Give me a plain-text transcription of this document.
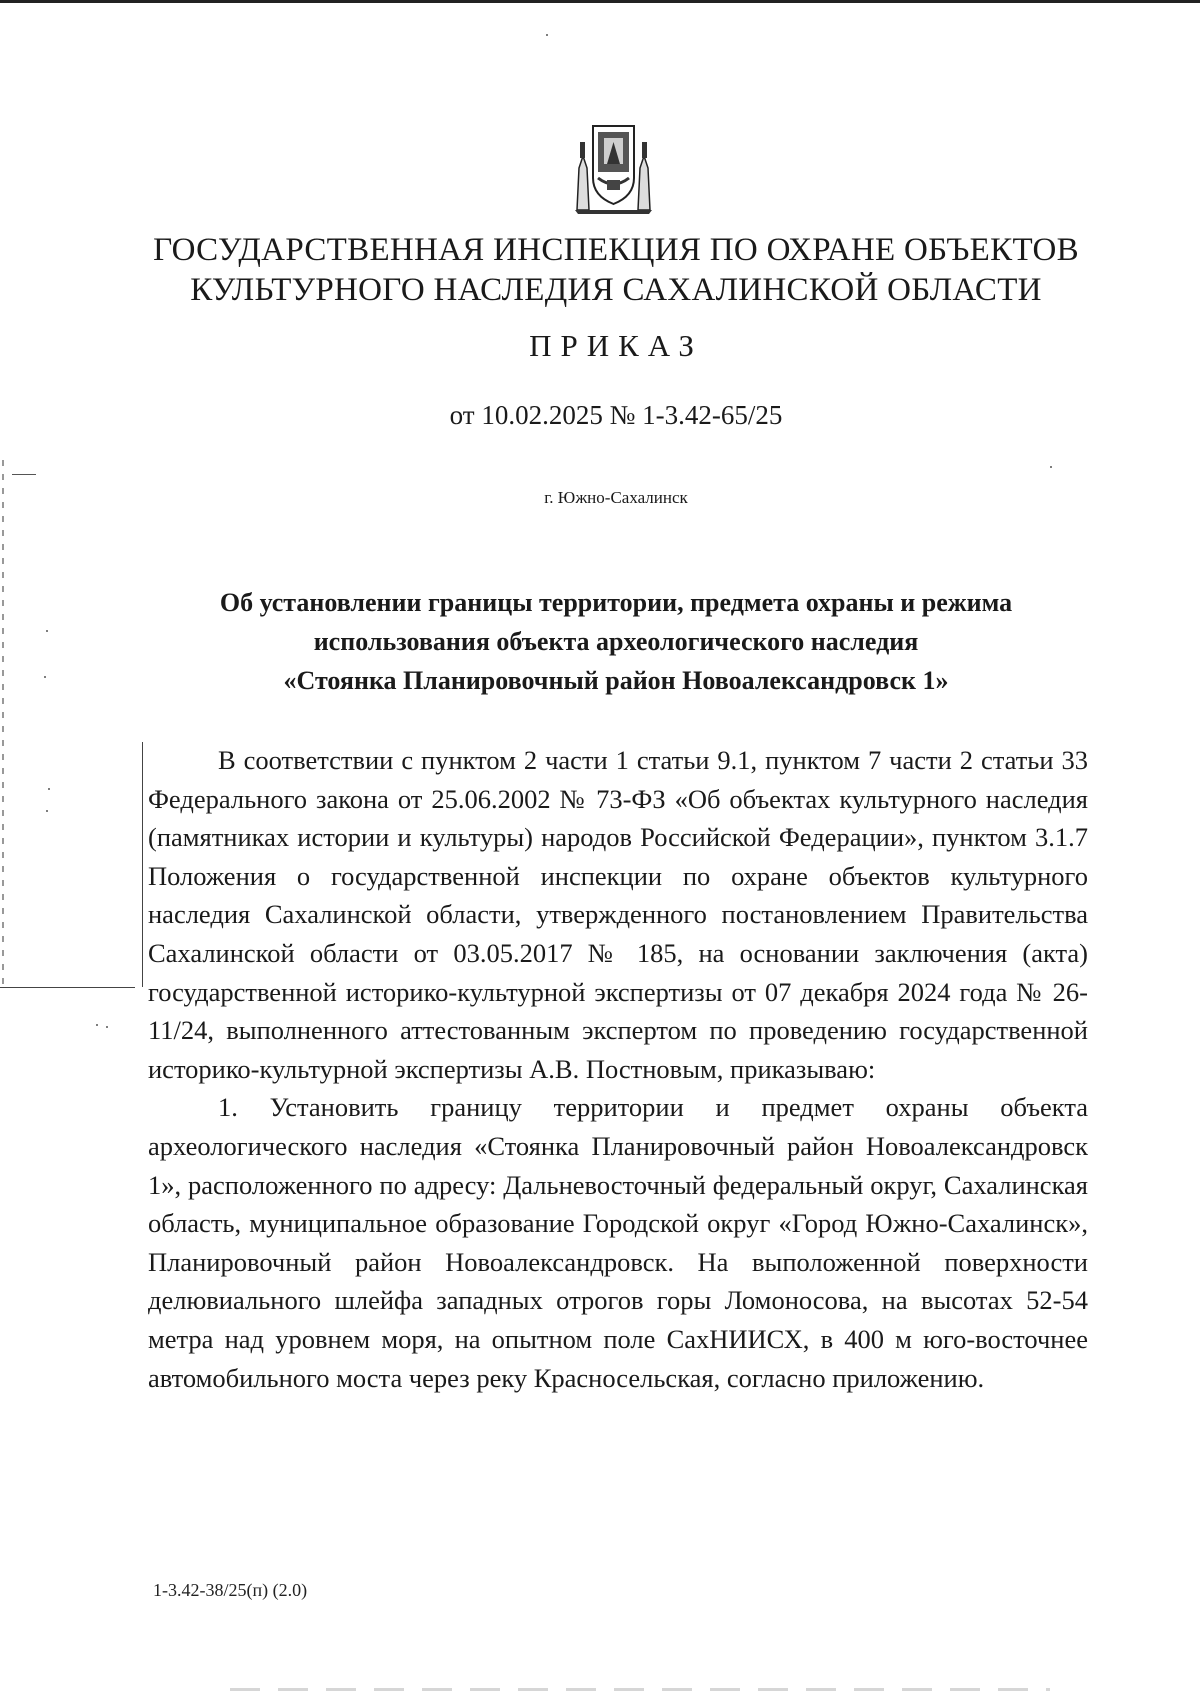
ГОСУДАРСТВЕННАЯ ИНСПЕКЦИЯ ПО ОХРАНЕ ОБЪЕКТОВ
КУЛЬТУРНОГО НАСЛЕДИЯ САХАЛИНСКОЙ ОБЛАСТИ
ПРИКАЗ
от 10.02.2025 № 1-3.42-65/25
г. Южно-Сахалинск
Об установлении границы территории, предмета охраны и режима
использования объекта археологического наследия
«Стоянка Планировочный район Новоалександровск 1»

В соответствии с пунктом 2 части 1 статьи 9.1, пунктом 7 части 2 статьи 33 Федерального закона от 25.06.2002 № 73-ФЗ «Об объектах культурного наследия (памятниках истории и культуры) народов Российской Федерации», пунктом 3.1.7 Положения о государственной инспекции по охране объектов культурного наследия Сахалинской области, утвержденного постановлением Правительства Сахалинской области от 03.05.2017 № 185, на основании заключения (акта) государственной историко-культурной экспертизы от 07 декабря 2024 года № 26-11/24, выполненного аттестованным экспертом по проведению государственной историко-культурной экспертизы А.В. Постновым, приказываю:

1. Установить границу территории и предмет охраны объекта археологического наследия «Стоянка Планировочный район Новоалександровск 1», расположенного по адресу: Дальневосточный федеральный округ, Сахалинская область, муниципальное образование Городской округ «Город Южно-Сахалинск», Планировочный район Новоалександровск. На выположенной поверхности делювиального шлейфа западных отрогов горы Ломоносова, на высотах 52-54 метра над уровнем моря, на опытном поле СахНИИСХ, в 400 м юго-восточнее автомобильного моста через реку Красносельская, согласно приложению.

1-3.42-38/25(п) (2.0)
